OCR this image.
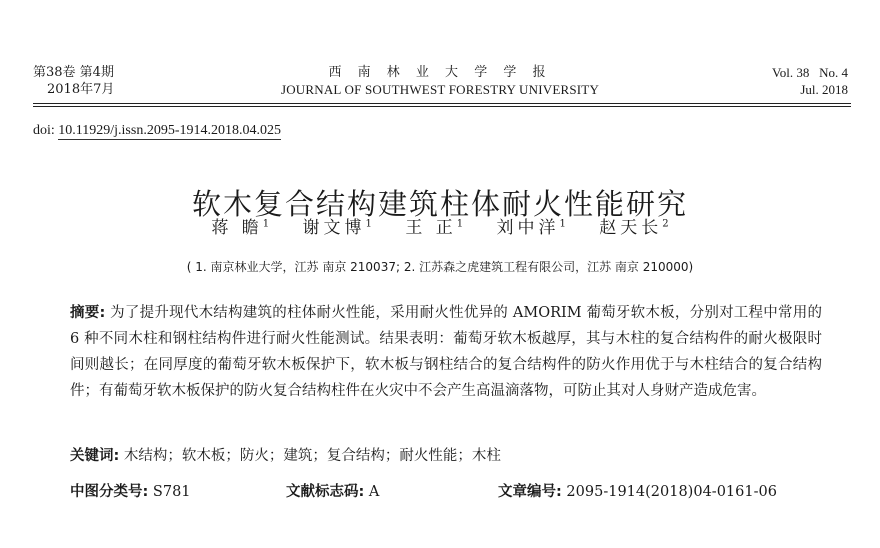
第38卷 第4期
2018年7月
西 南 林 业 大 学 学 报
JOURNAL OF SOUTHWEST FORESTRY UNIVERSITY
Vol. 38   No. 4
Jul. 2018
doi: 10.11929/j.issn.2095-1914.2018.04.025
软木复合结构建筑柱体耐火性能研究
蒋 瞻$^1$ 谢文博$^1$ 王 正$^1$ 刘中洋$^1$ 赵天长$^2$
( 1. 南京林业大学，江苏 南京 210037; 2. 江苏森之虎建筑工程有限公司，江苏 南京 210000)
摘要: 为了提升现代木结构建筑的柱体耐火性能，采用耐火性优异的 AMORIM 葡萄牙软木板，分别对工程中常用的 6 种不同木柱和钢柱结构件进行耐火性能测试。结果表明：葡萄牙软木板越厚，其与木柱的复合结构件的耐火极限时间则越长；在同厚度的葡萄牙软木板保护下，软木板与钢柱结合的复合结构件的防火作用优于与木柱结合的复合结构件；有葡萄牙软木板保护的防火复合结构柱件在火灾中不会产生高温滴落物，可防止其对人身财产造成危害。
关键词: 木结构；软木板；防火；建筑；复合结构；耐火性能；木柱
中图分类号: S781	文献标志码: A	文章编号: 2095-1914(2018)04-0161-06
